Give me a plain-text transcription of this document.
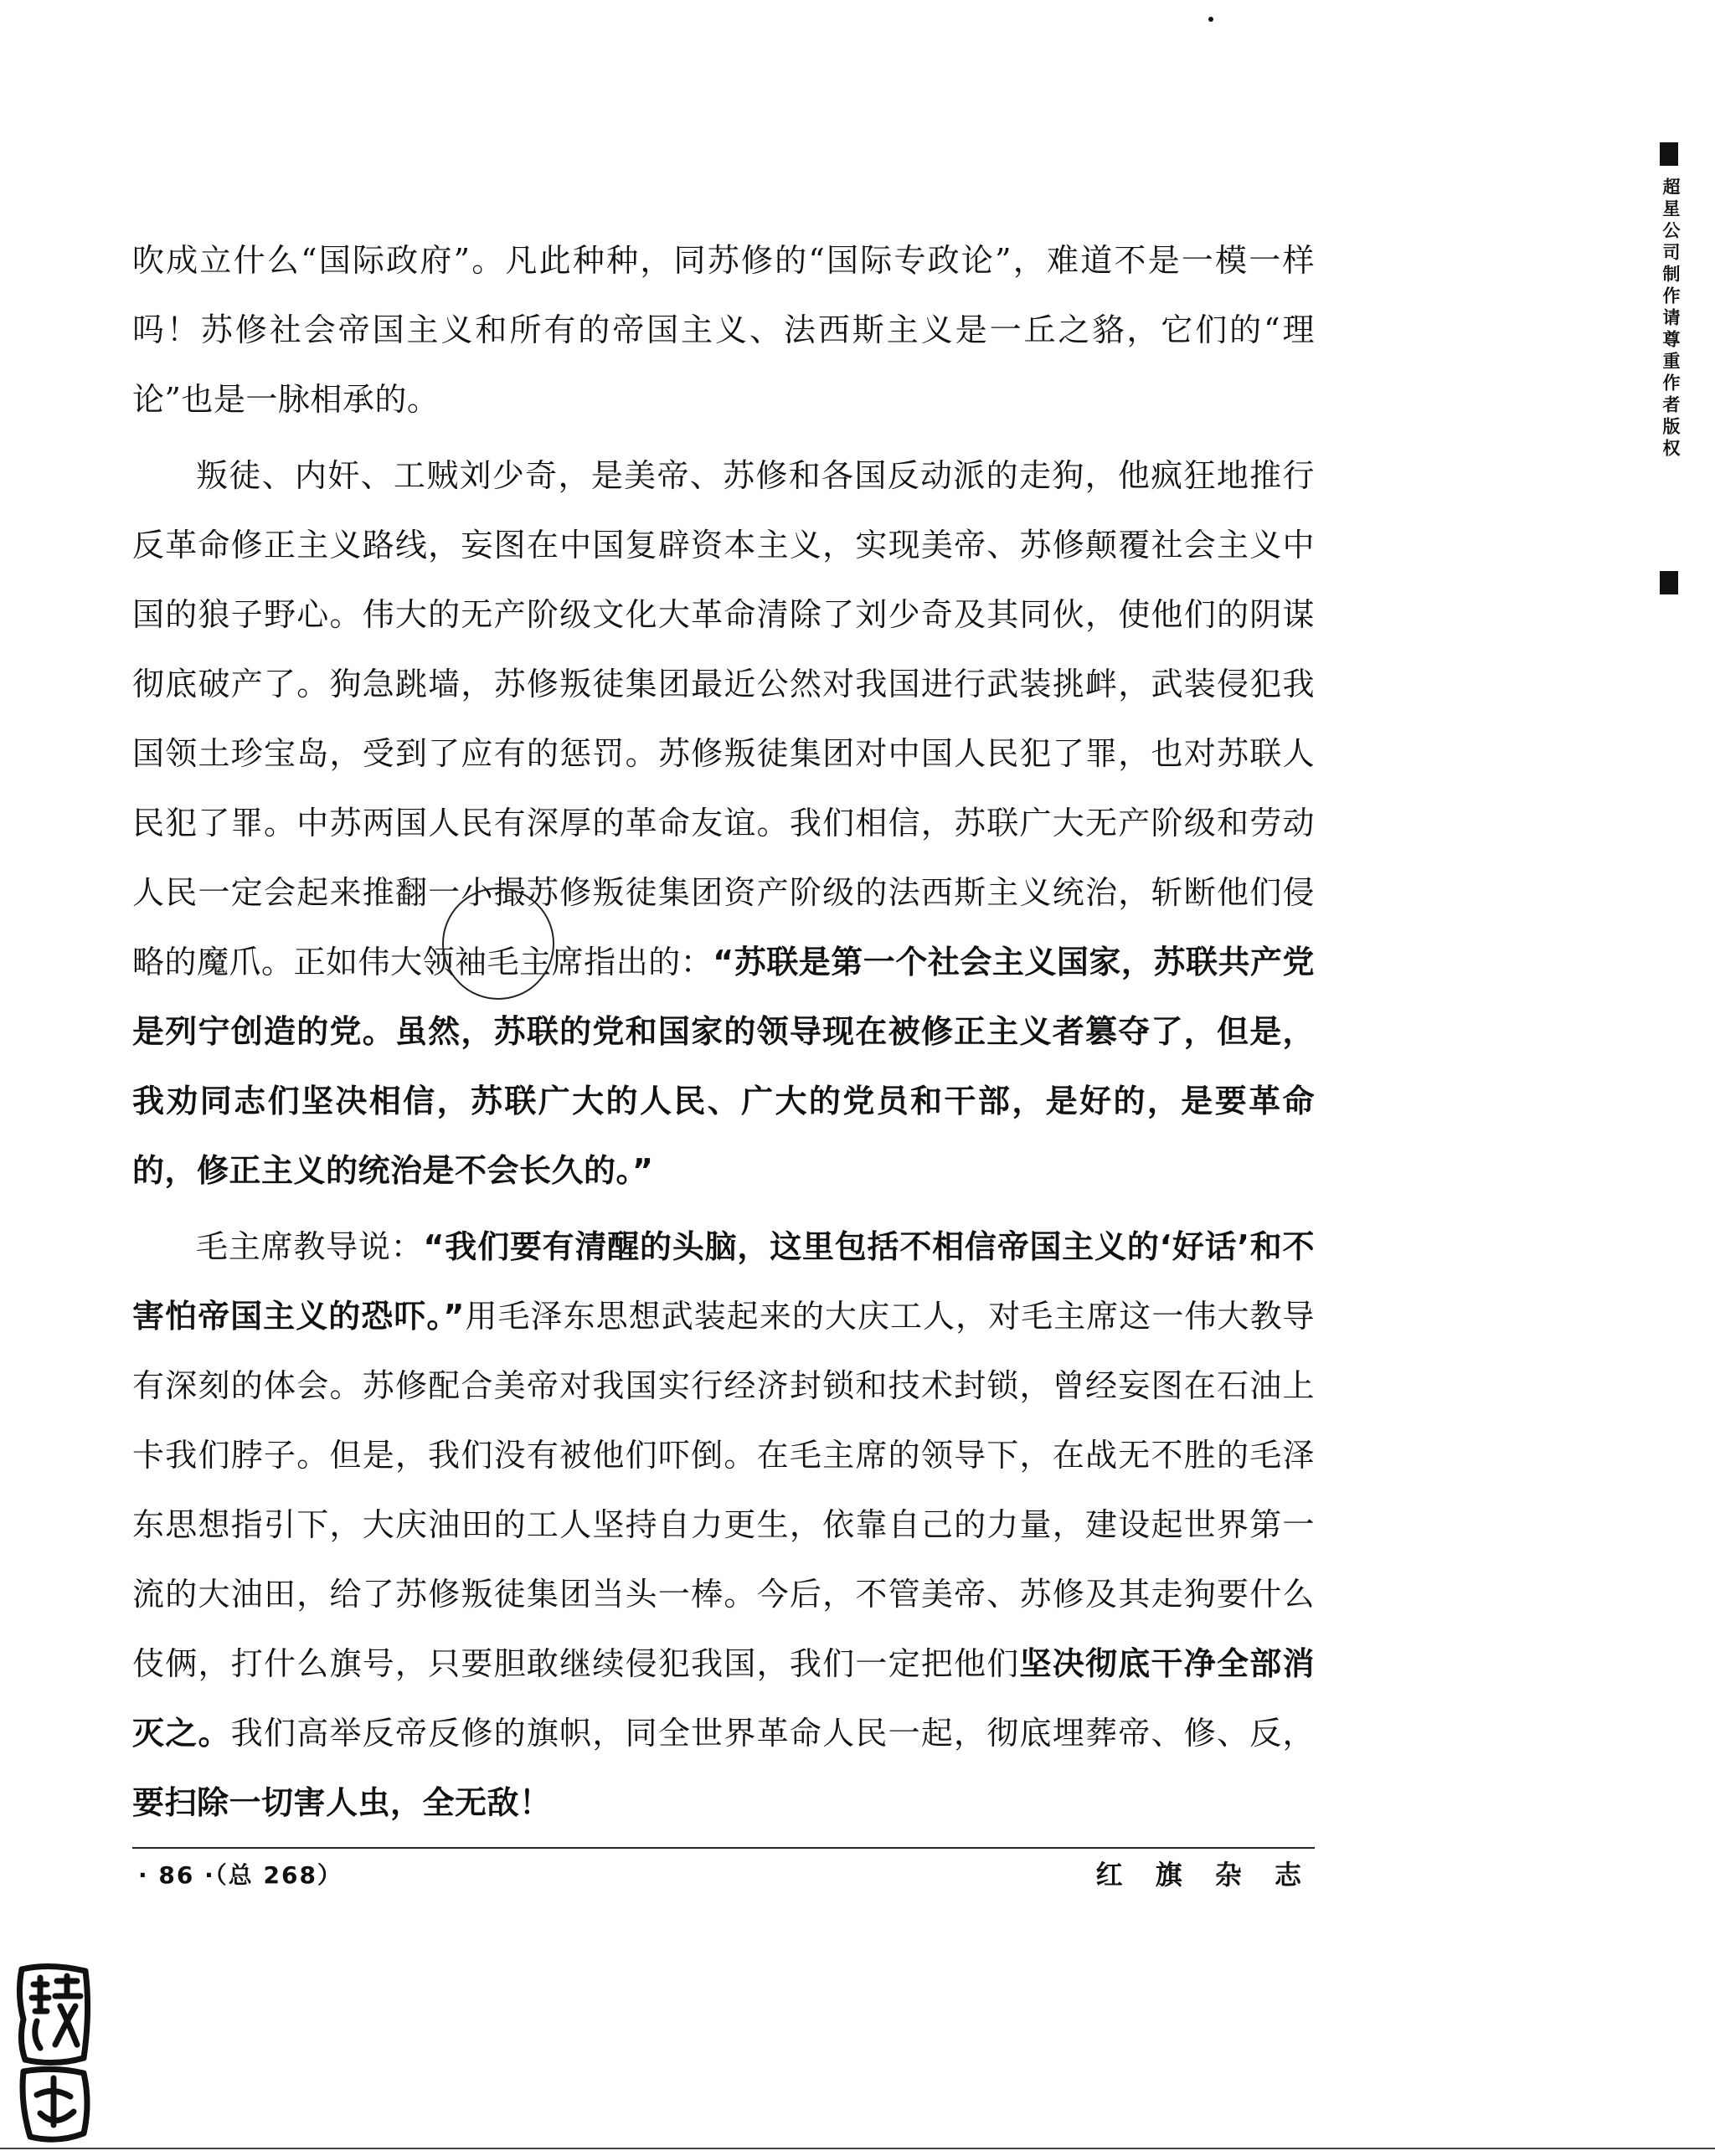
吹成立什么“国际政府”。凡此种种，同苏修的“国际专政论”，难道不是一模一样吗！苏修社会帝国主义和所有的帝国主义、法西斯主义是一丘之貉，它们的“理论”也是一脉相承的。

叛徒、内奸、工贼刘少奇，是美帝、苏修和各国反动派的走狗，他疯狂地推行反革命修正主义路线，妄图在中国复辟资本主义，实现美帝、苏修颠覆社会主义中国的狼子野心。伟大的无产阶级文化大革命清除了刘少奇及其同伙，使他们的阴谋彻底破产了。狗急跳墙，苏修叛徒集团最近公然对我国进行武装挑衅，武装侵犯我国领土珍宝岛，受到了应有的惩罚。苏修叛徒集团对中国人民犯了罪，也对苏联人民犯了罪。中苏两国人民有深厚的革命友谊。我们相信，苏联广大无产阶级和劳动人民一定会起来推翻一小撮苏修叛徒集团资产阶级的法西斯主义统治，斩断他们侵略的魔爪。正如伟大领袖毛主席指出的：“苏联是第一个社会主义国家，苏联共产党是列宁创造的党。虽然，苏联的党和国家的领导现在被修正主义者篡夺了，但是，我劝同志们坚决相信，苏联广大的人民、广大的党员和干部，是好的，是要革命的，修正主义的统治是不会长久的。”

毛主席教导说：“我们要有清醒的头脑，这里包括不相信帝国主义的‘好话’和不害怕帝国主义的恐吓。”用毛泽东思想武装起来的大庆工人，对毛主席这一伟大教导有深刻的体会。苏修配合美帝对我国实行经济封锁和技术封锁，曾经妄图在石油上卡我们脖子。但是，我们没有被他们吓倒。在毛主席的领导下，在战无不胜的毛泽东思想指引下，大庆油田的工人坚持自力更生，依靠自己的力量，建设起世界第一流的大油田，给了苏修叛徒集团当头一棒。今后，不管美帝、苏修及其走狗要什么伎俩，打什么旗号，只要胆敢继续侵犯我国，我们一定把他们坚决彻底干净全部消灭之。我们高举反帝反修的旗帜，同全世界革命人民一起，彻底埋葬帝、修、反，要扫除一切害人虫，全无敌！

· 86 ·（总 268）	红 旗 杂 志
超星公司制作请尊重作者版权
